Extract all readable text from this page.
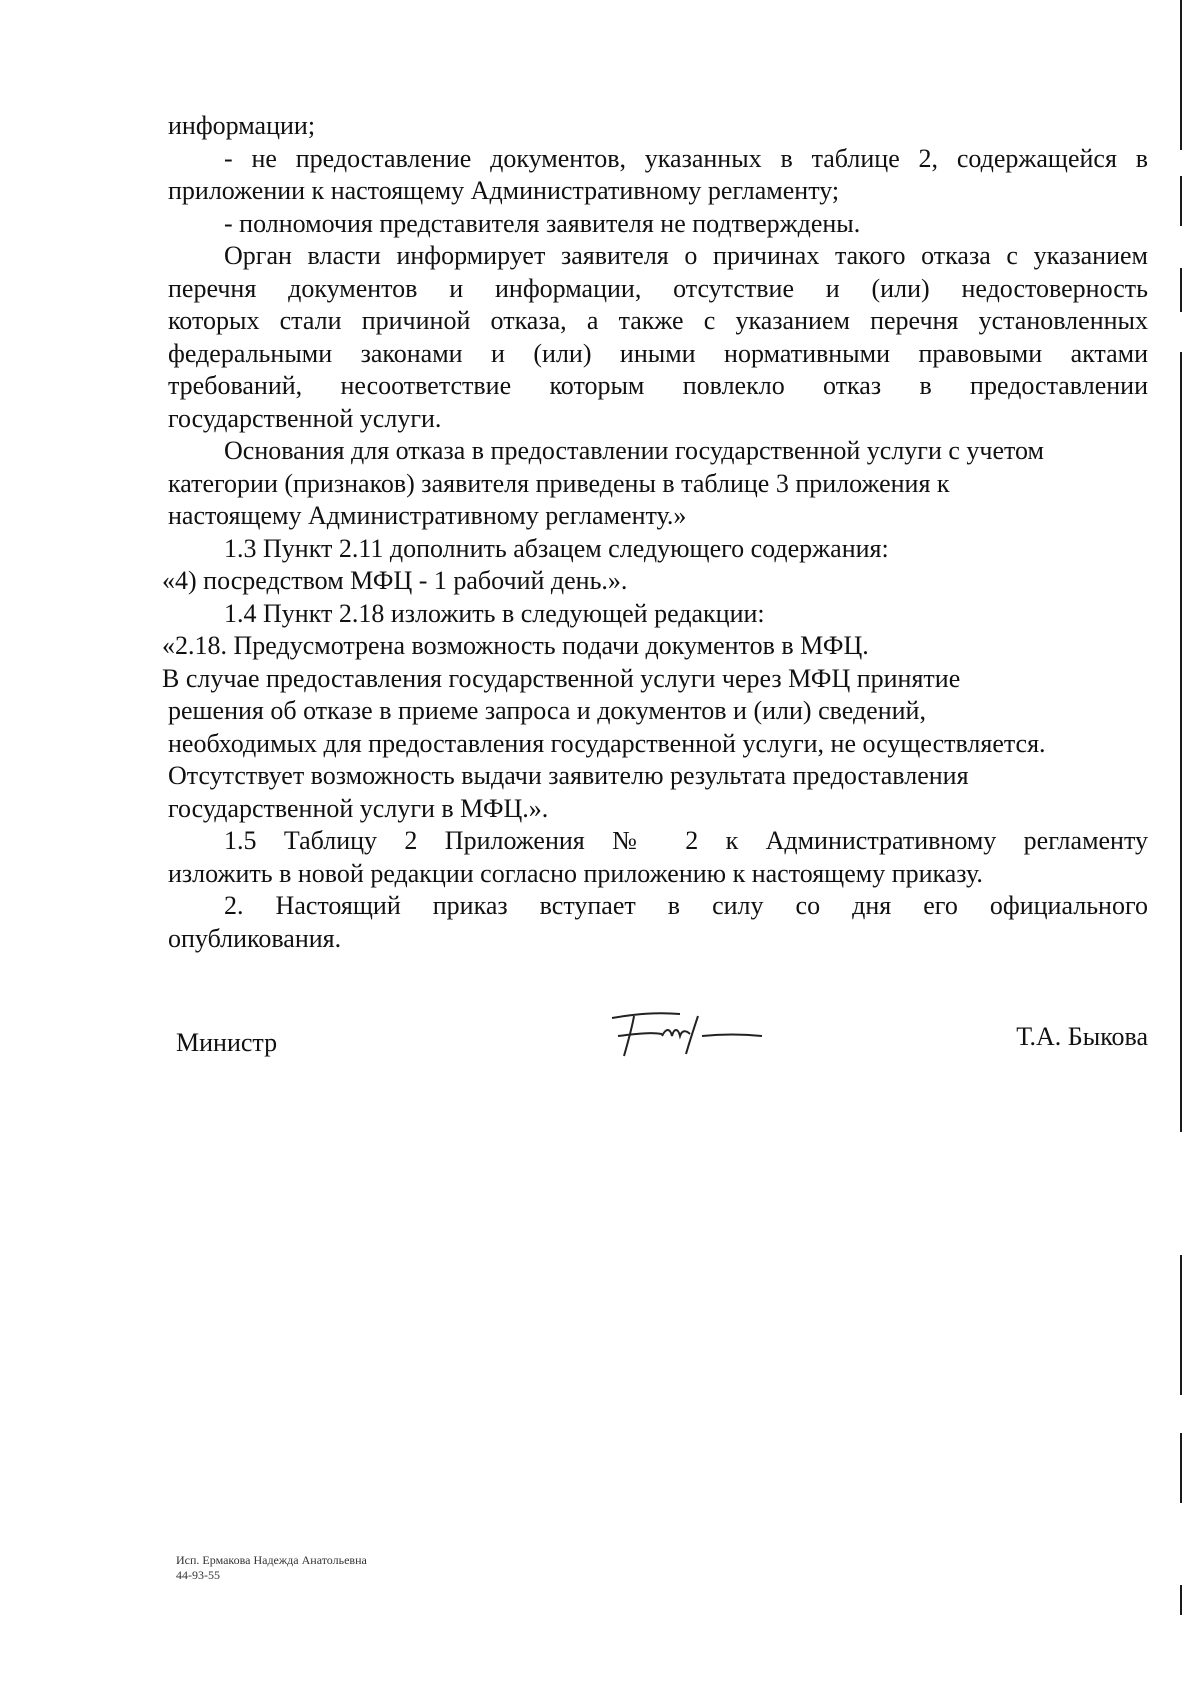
информации;
- не предоставление документов, указанных в таблице 2, содержащейся в
приложении к настоящему Административному регламенту;
- полномочия представителя заявителя не подтверждены.
Орган власти информирует заявителя о причинах такого отказа с указанием
перечня документов и информации, отсутствие и (или) недостоверность
которых стали причиной отказа, а также с указанием перечня установленных
федеральными законами и (или) иными нормативными правовыми актами
требований, несоответствие которым повлекло отказ в предоставлении
государственной услуги.
Основания для отказа в предоставлении государственной услуги с учетом
категории (признаков) заявителя приведены в таблице 3 приложения к
настоящему Административному регламенту.»
1.3 Пункт 2.11 дополнить абзацем следующего содержания:
«4) посредством МФЦ - 1 рабочий день.».
1.4 Пункт 2.18 изложить в следующей редакции:
«2.18. Предусмотрена возможность подачи документов в МФЦ.
В случае предоставления государственной услуги через МФЦ принятие
решения об отказе в приеме запроса и документов и (или) сведений,
необходимых для предоставления государственной услуги, не осуществляется.
Отсутствует возможность выдачи заявителю результата предоставления
государственной услуги в МФЦ.».
1.5 Таблицу 2 Приложения № 2 к Административному регламенту
изложить в новой редакции согласно приложению к настоящему приказу.
2. Настоящий приказ вступает в силу со дня его официального
опубликования.
Министр	Т.А. Быкова
Исп. Ермакова Надежда Анатольевна
44-93-55
